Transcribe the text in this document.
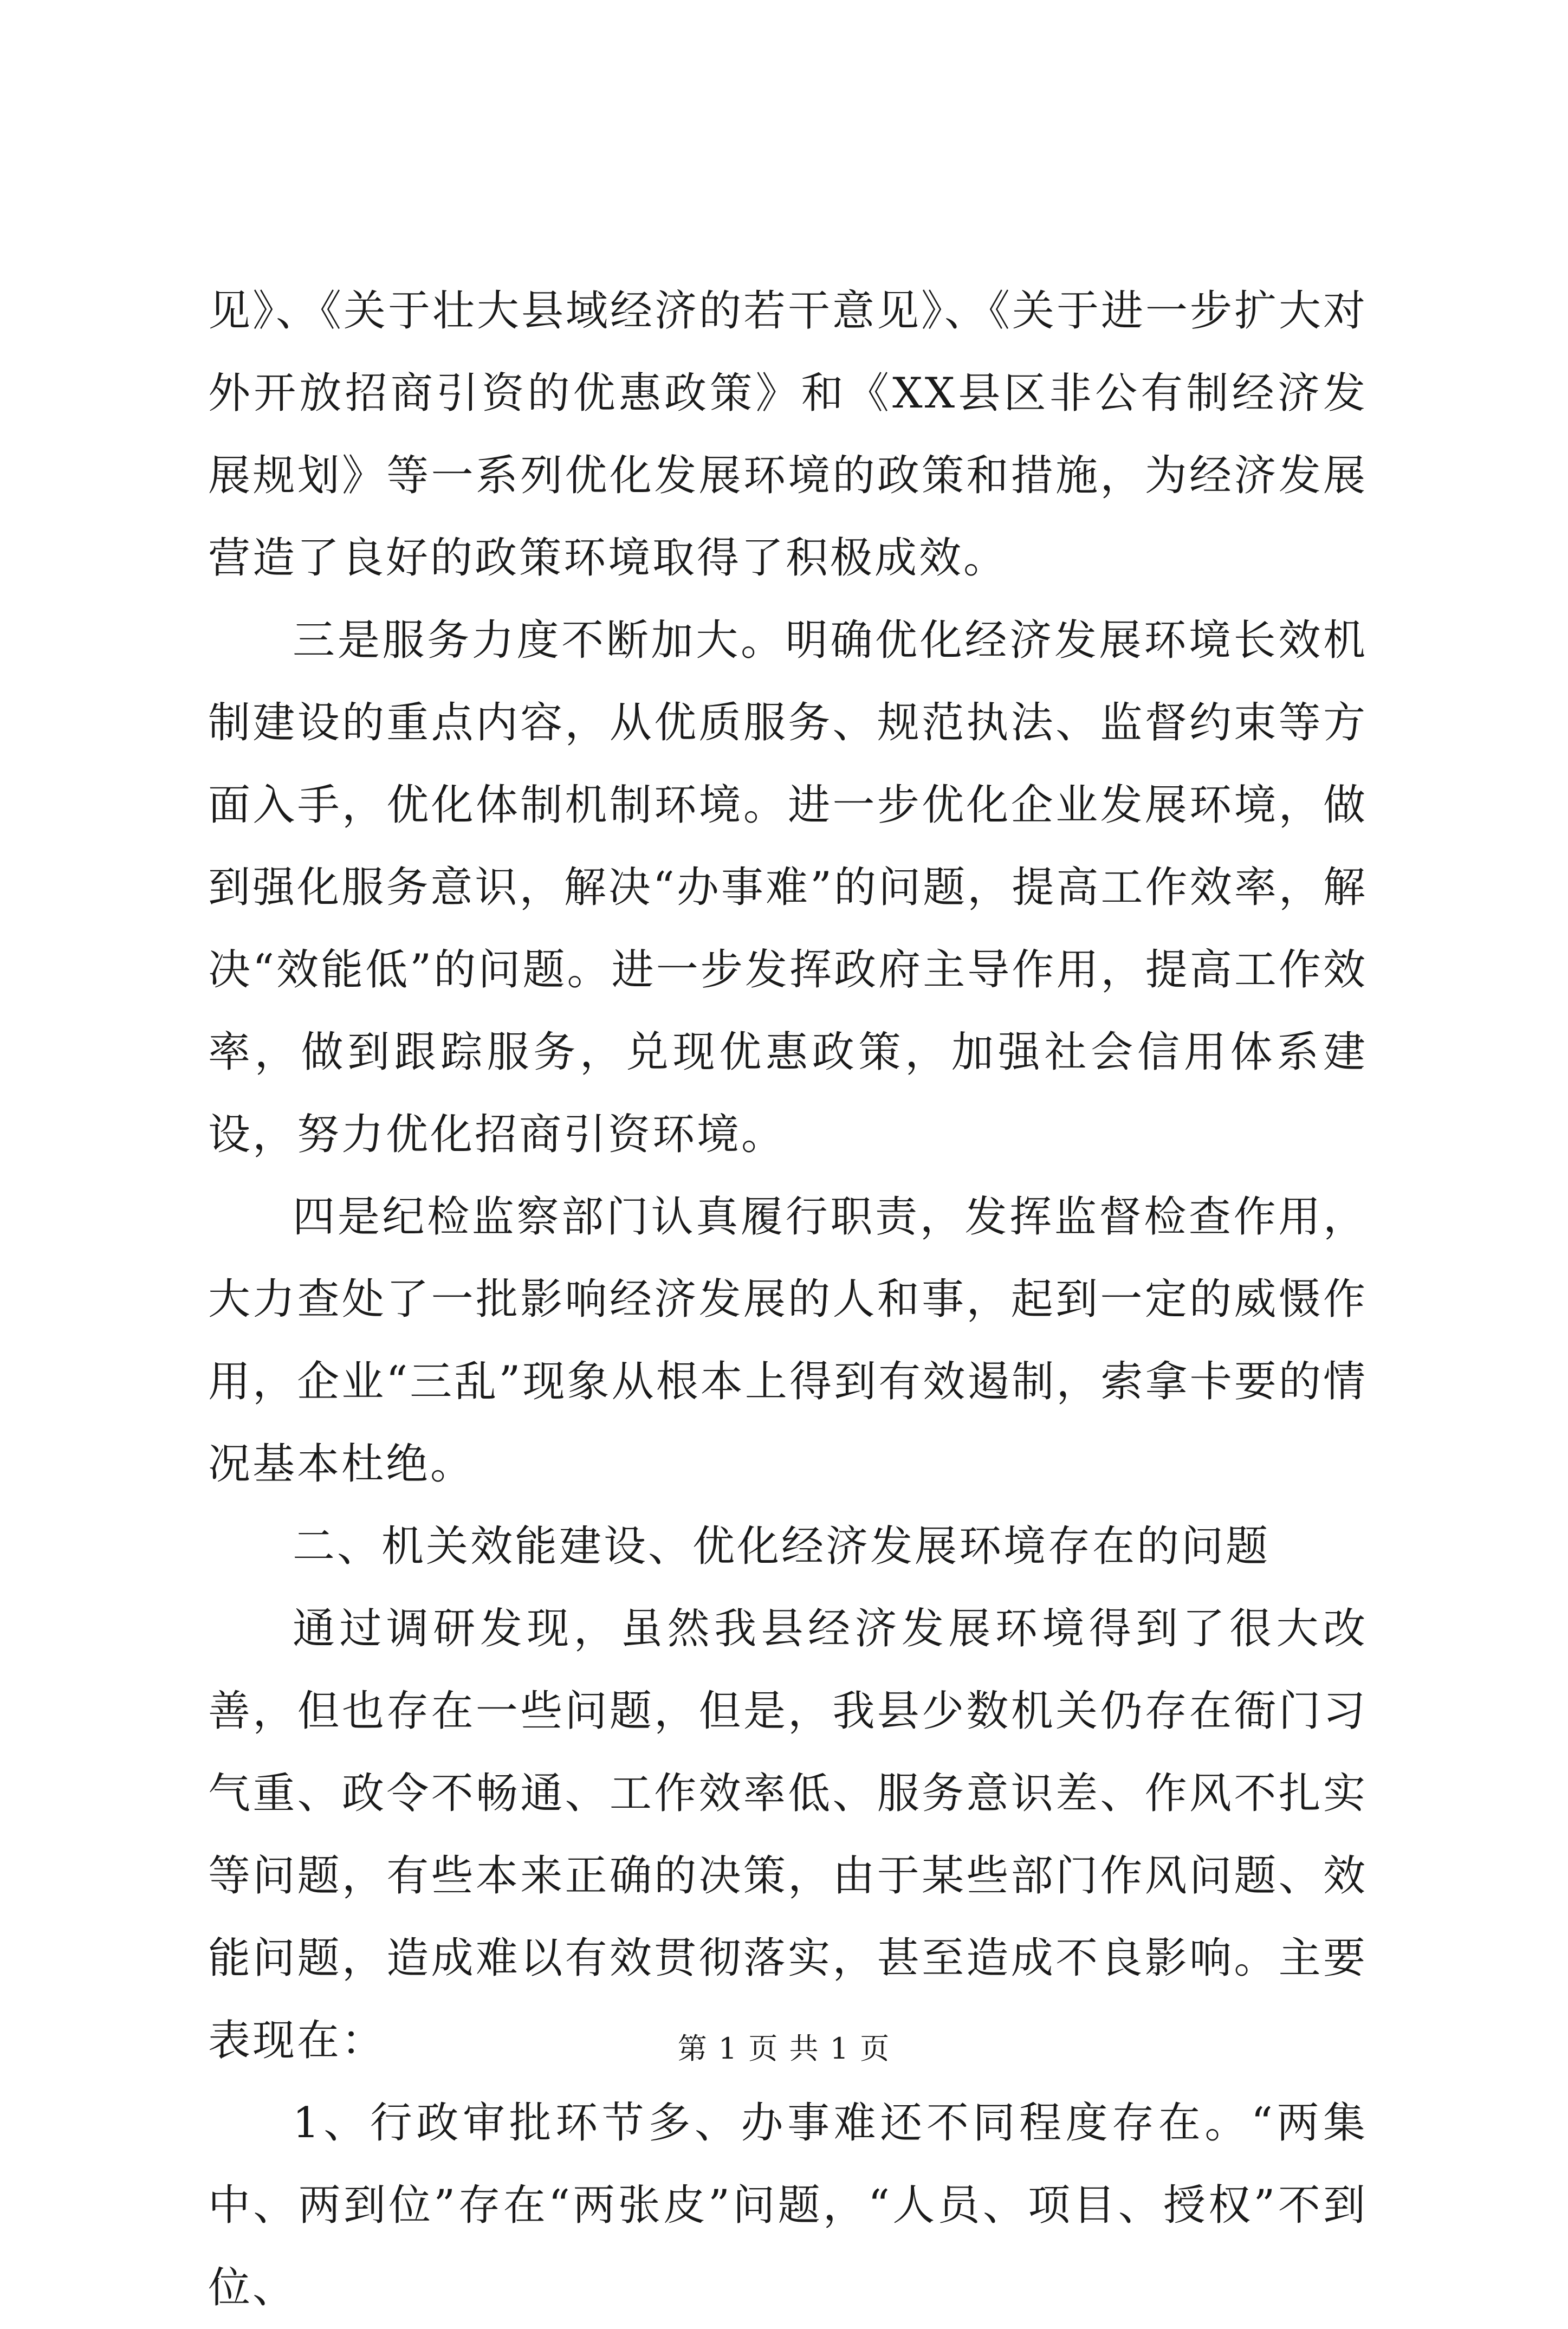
见》、《关于壮大县域经济的若干意见》、《关于进一步扩大对外开放招商引资的优惠政策》和《XX县区非公有制经济发展规划》等一系列优化发展环境的政策和措施，为经济发展营造了良好的政策环境取得了积极成效。

三是服务力度不断加大。明确优化经济发展环境长效机制建设的重点内容，从优质服务、规范执法、监督约束等方面入手，优化体制机制环境。进一步优化企业发展环境，做到强化服务意识，解决“办事难”的问题，提高工作效率，解决“效能低”的问题。进一步发挥政府主导作用，提高工作效率，做到跟踪服务，兑现优惠政策，加强社会信用体系建设，努力优化招商引资环境。

四是纪检监察部门认真履行职责，发挥监督检查作用，大力查处了一批影响经济发展的人和事，起到一定的威慑作用，企业“三乱”现象从根本上得到有效遏制，索拿卡要的情况基本杜绝。

二、机关效能建设、优化经济发展环境存在的问题

通过调研发现，虽然我县经济发展环境得到了很大改善，但也存在一些问题，但是，我县少数机关仍存在衙门习气重、政令不畅通、工作效率低、服务意识差、作风不扎实等问题，有些本来正确的决策，由于某些部门作风问题、效能问题，造成难以有效贯彻落实，甚至造成不良影响。主要表现在：

1、行政审批环节多、办事难还不同程度存在。“两集中、两到位”存在“两张皮”问题，“人员、项目、授权”不到位、

第 1 页 共 1 页
